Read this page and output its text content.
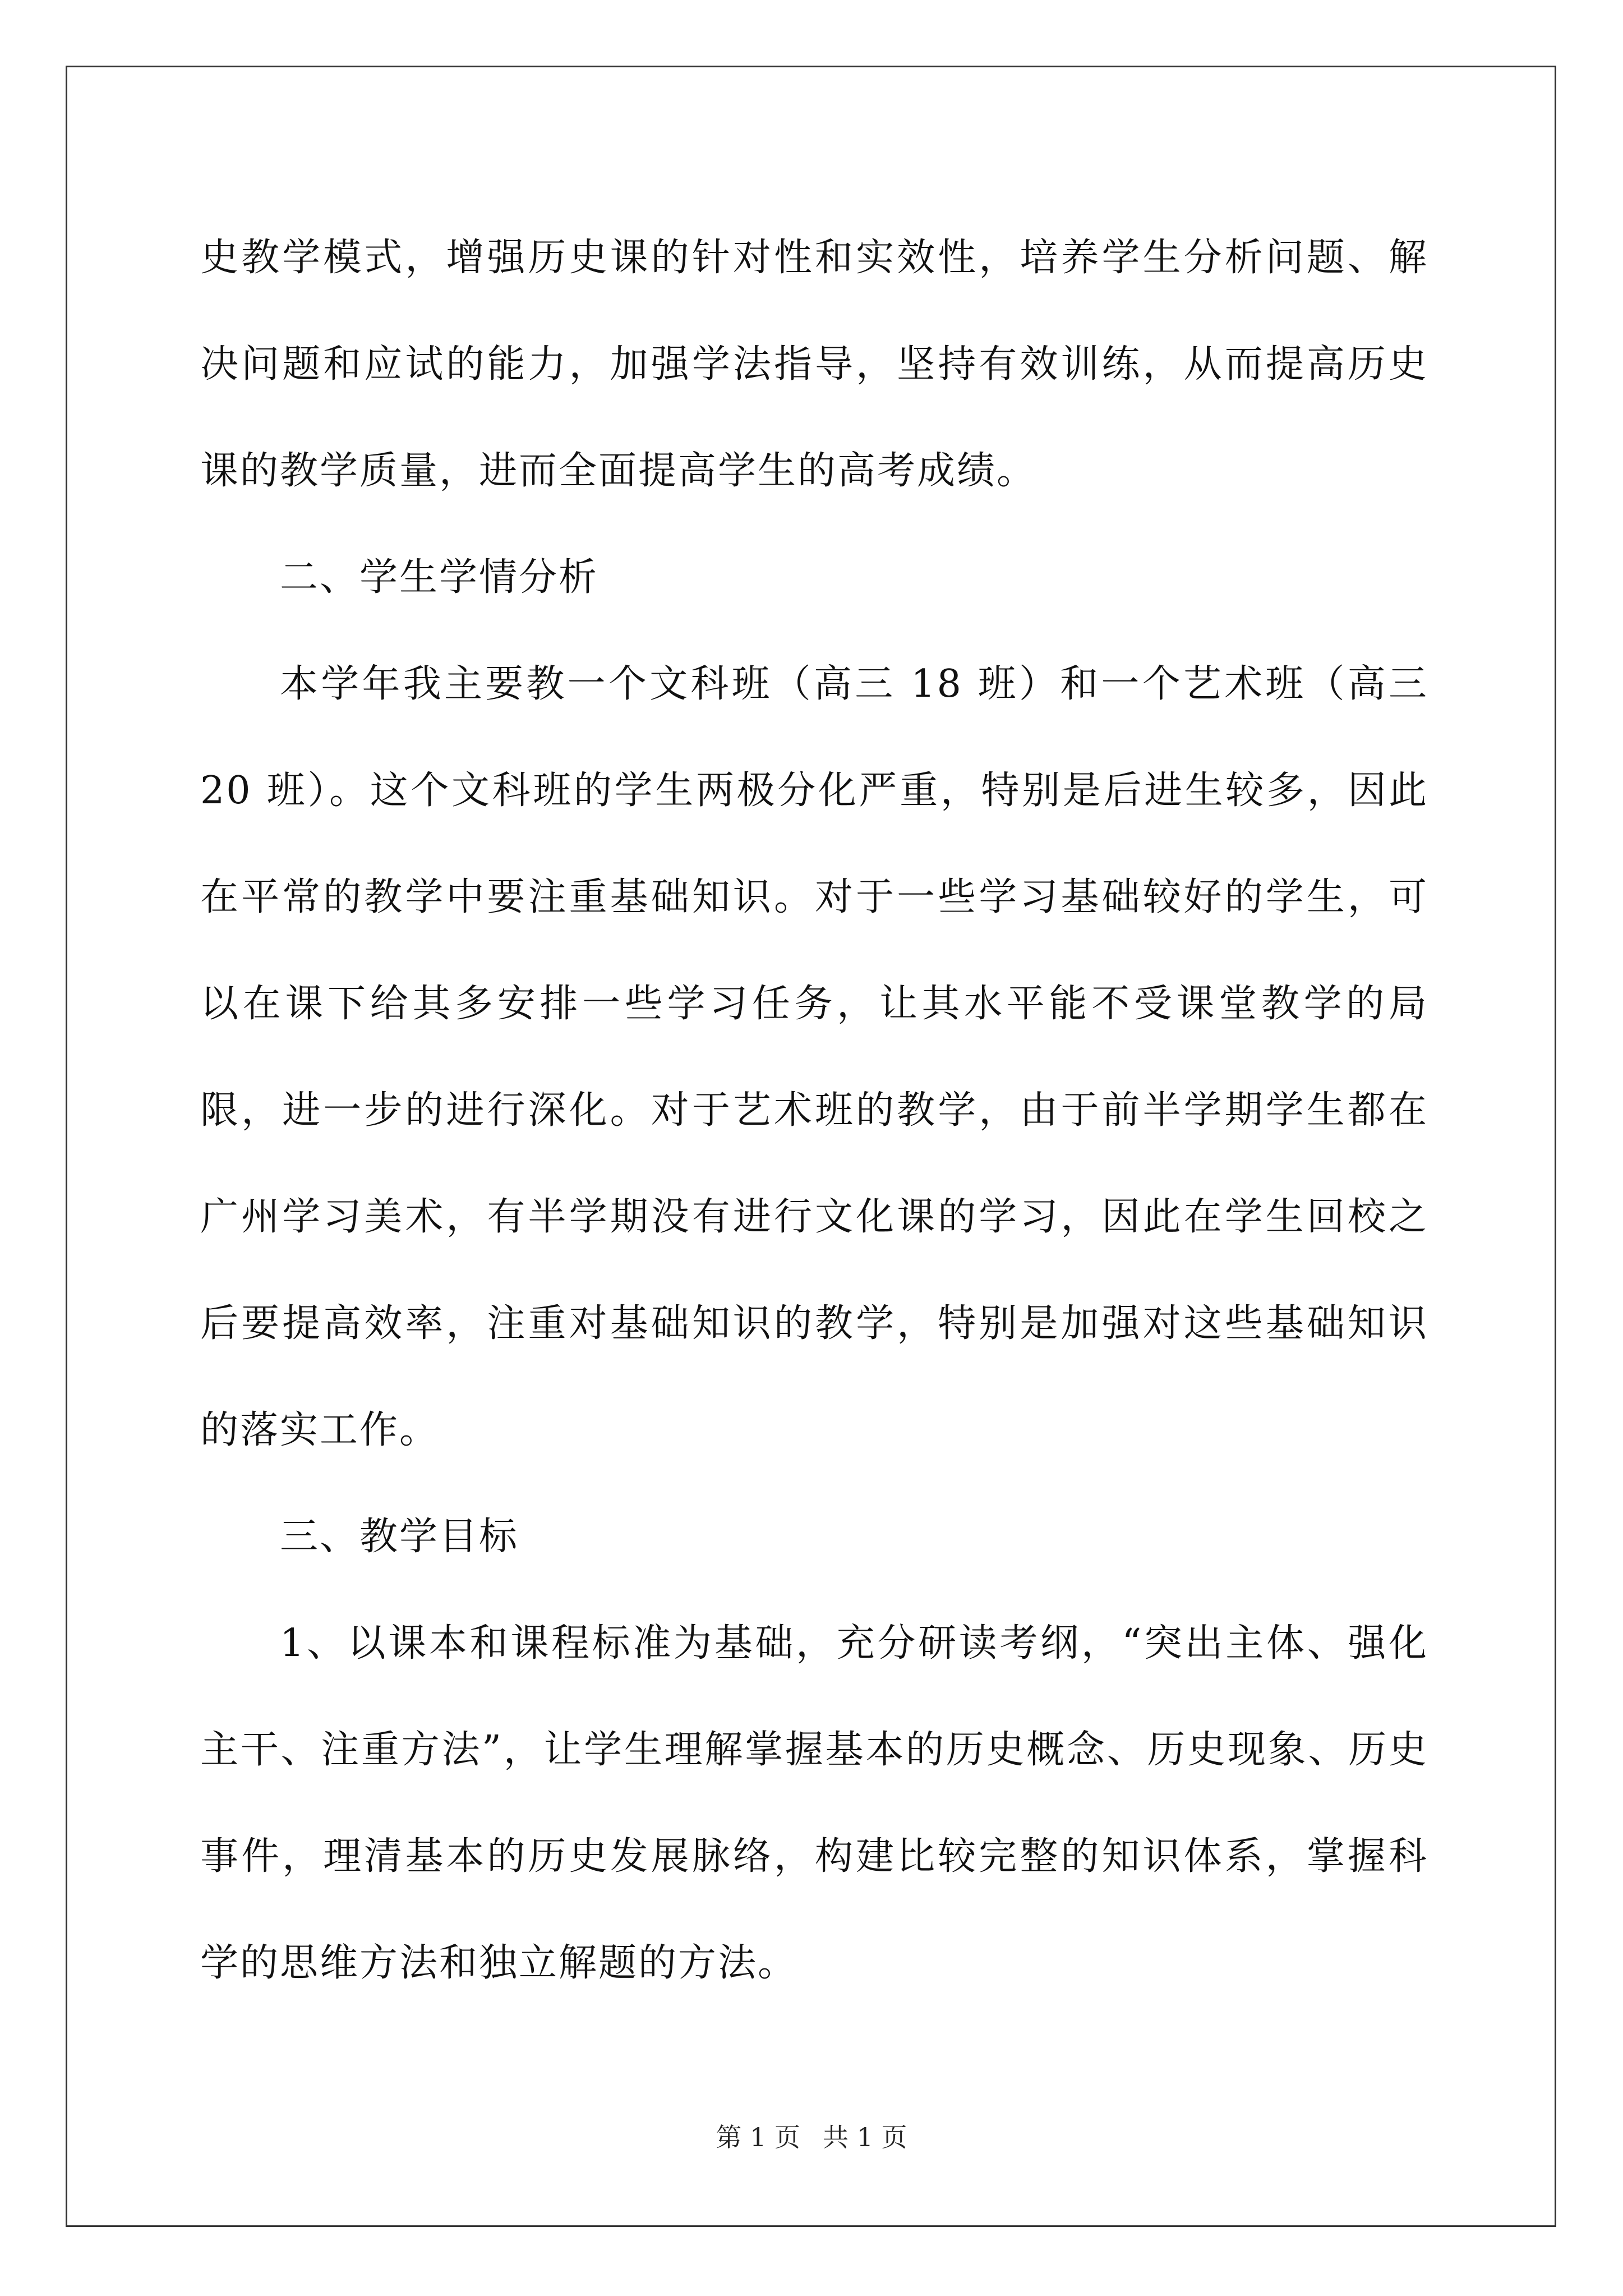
史教学模式，增强历史课的针对性和实效性，培养学生分析问题、解决问题和应试的能力，加强学法指导，坚持有效训练，从而提高历史课的教学质量，进而全面提高学生的高考成绩。

二、学生学情分析

本学年我主要教一个文科班（高三 18 班）和一个艺术班（高三 20 班）。这个文科班的学生两极分化严重，特别是后进生较多，因此在平常的教学中要注重基础知识。对于一些学习基础较好的学生，可以在课下给其多安排一些学习任务，让其水平能不受课堂教学的局限，进一步的进行深化。对于艺术班的教学，由于前半学期学生都在广州学习美术，有半学期没有进行文化课的学习，因此在学生回校之后要提高效率，注重对基础知识的教学，特别是加强对这些基础知识的落实工作。

三、教学目标

1、以课本和课程标准为基础，充分研读考纲，“突出主体、强化主干、注重方法”，让学生理解掌握基本的历史概念、历史现象、历史事件，理清基本的历史发展脉络，构建比较完整的知识体系，掌握科学的思维方法和独立解题的方法。

第 1 页 共 1 页
